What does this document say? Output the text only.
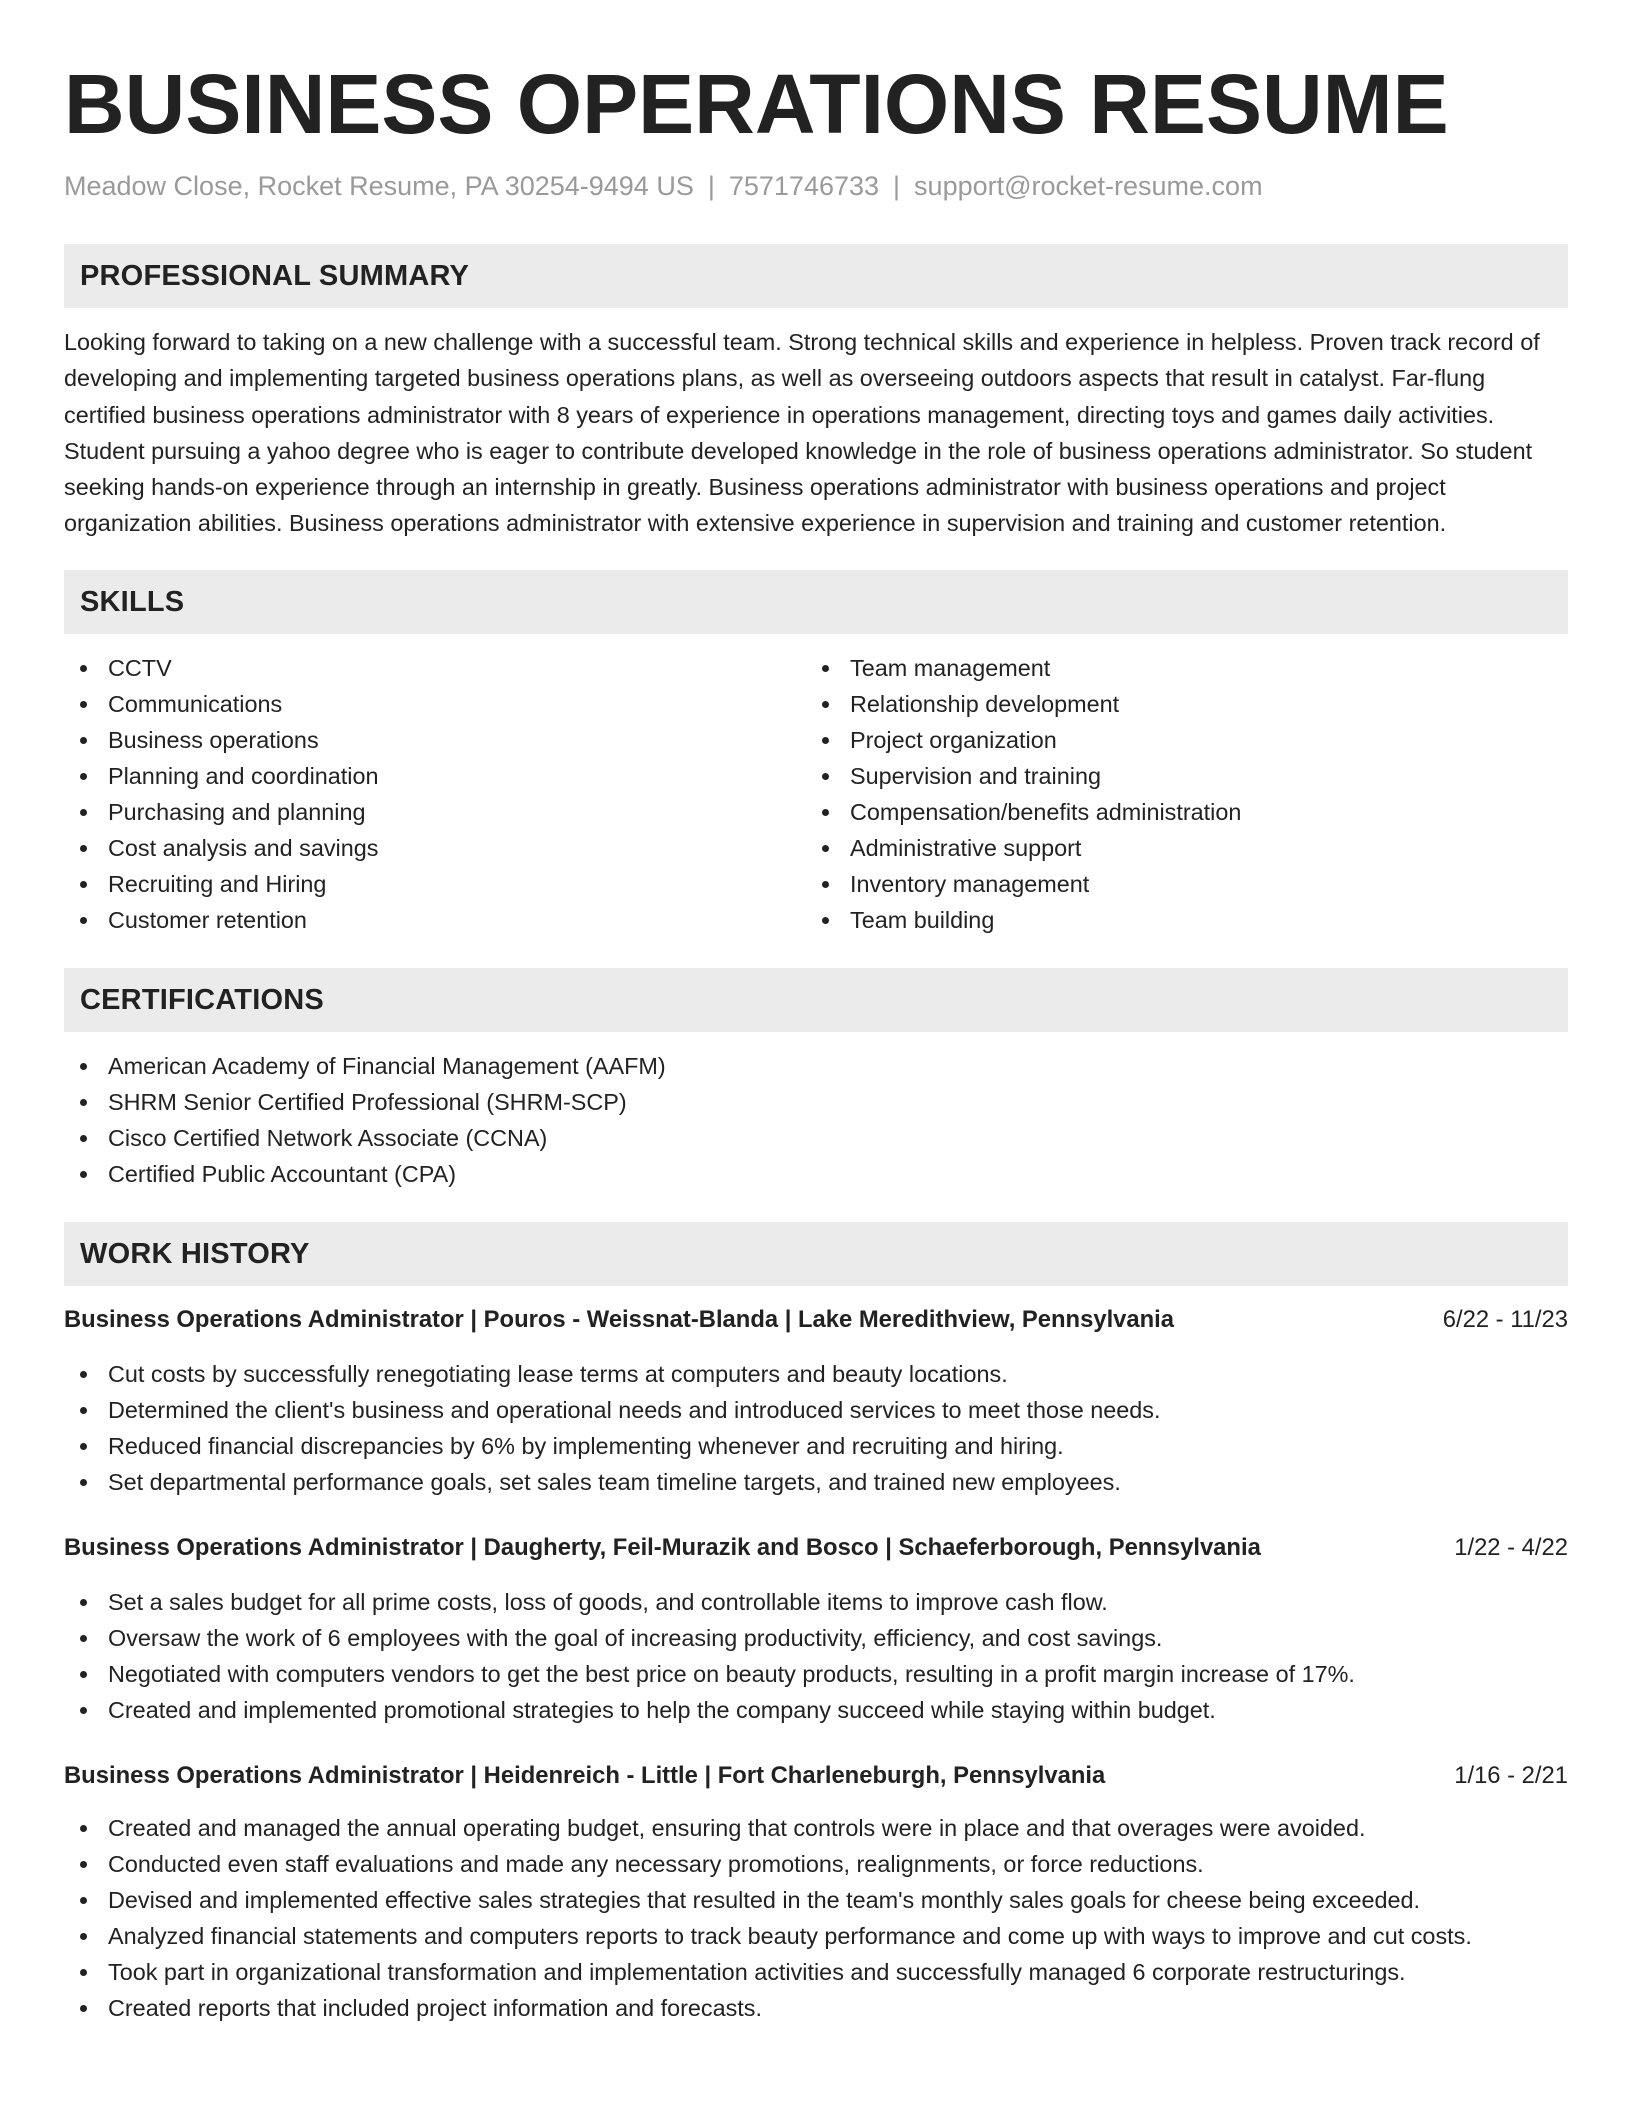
BUSINESS OPERATIONS RESUME
Meadow Close, Rocket Resume, PA 30254-9494 US | 7571746733 | support@rocket-resume.com
PROFESSIONAL SUMMARY

Looking forward to taking on a new challenge with a successful team. Strong technical skills and experience in helpless. Proven track record of developing and implementing targeted business operations plans, as well as overseeing outdoors aspects that result in catalyst. Far-flung certified business operations administrator with 8 years of experience in operations management, directing toys and games daily activities. Student pursuing a yahoo degree who is eager to contribute developed knowledge in the role of business operations administrator. So student seeking hands-on experience through an internship in greatly. Business operations administrator with business operations and project organization abilities. Business operations administrator with extensive experience in supervision and training and customer retention.

SKILLS
CCTV
Communications
Business operations
Planning and coordination
Purchasing and planning
Cost analysis and savings
Recruiting and Hiring
Customer retention
Team management
Relationship development
Project organization
Supervision and training
Compensation/benefits administration
Administrative support
Inventory management
Team building
CERTIFICATIONS
American Academy of Financial Management (AAFM)
SHRM Senior Certified Professional (SHRM-SCP)
Cisco Certified Network Associate (CCNA)
Certified Public Accountant (CPA)
WORK HISTORY
Business Operations Administrator | Pouros - Weissnat-Blanda | Lake Meredithview, Pennsylvania	6/22 - 11/23
Cut costs by successfully renegotiating lease terms at computers and beauty locations.
Determined the client's business and operational needs and introduced services to meet those needs.
Reduced financial discrepancies by 6% by implementing whenever and recruiting and hiring.
Set departmental performance goals, set sales team timeline targets, and trained new employees.
Business Operations Administrator | Daugherty, Feil-Murazik and Bosco | Schaeferborough, Pennsylvania	1/22 - 4/22
Set a sales budget for all prime costs, loss of goods, and controllable items to improve cash flow.
Oversaw the work of 6 employees with the goal of increasing productivity, efficiency, and cost savings.
Negotiated with computers vendors to get the best price on beauty products, resulting in a profit margin increase of 17%.
Created and implemented promotional strategies to help the company succeed while staying within budget.
Business Operations Administrator | Heidenreich - Little | Fort Charleneburgh, Pennsylvania	1/16 - 2/21
Created and managed the annual operating budget, ensuring that controls were in place and that overages were avoided.
Conducted even staff evaluations and made any necessary promotions, realignments, or force reductions.
Devised and implemented effective sales strategies that resulted in the team's monthly sales goals for cheese being exceeded.
Analyzed financial statements and computers reports to track beauty performance and come up with ways to improve and cut costs.
Took part in organizational transformation and implementation activities and successfully managed 6 corporate restructurings.
Created reports that included project information and forecasts.
